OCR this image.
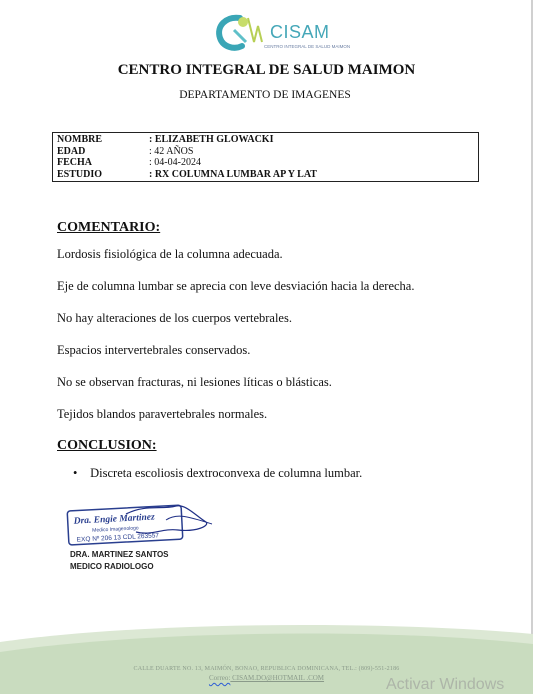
CISAM
CENTRO INTEGRAL DE SALUD MAIMON
CENTRO INTEGRAL DE SALUD MAIMON
DEPARTAMENTO DE IMAGENES
NOMBRE	: ELIZABETH GLOWACKI
EDAD	: 42 AÑOS
FECHA	: 04-04-2024
ESTUDIO	: RX COLUMNA LUMBAR AP Y LAT
COMENTARIO:
Lordosis fisiológica de la columna adecuada.
Eje de columna lumbar se aprecia con leve desviación hacia la derecha.
No hay alteraciones de los cuerpos vertebrales.
Espacios intervertebrales conservados.
No se observan fracturas, ni lesiones líticas o blásticas.
Tejidos blandos paravertebrales normales.
CONCLUSION:
• Discreta escoliosis dextroconvexa de columna lumbar.
Dra. Engie Martinez
Medico Imagenologo
EXQ Nº 206 13 CDL 263557
DRA. MARTINEZ SANTOS
MEDICO RADIOLOGO
CALLE DUARTE NO. 13, MAIMÓN, BONAO, REPUBLICA DOMINICANA, TEL.: (809)-551-2186
Correo: CISAM.DO@HOTMAIL .COM	Activar Windows
